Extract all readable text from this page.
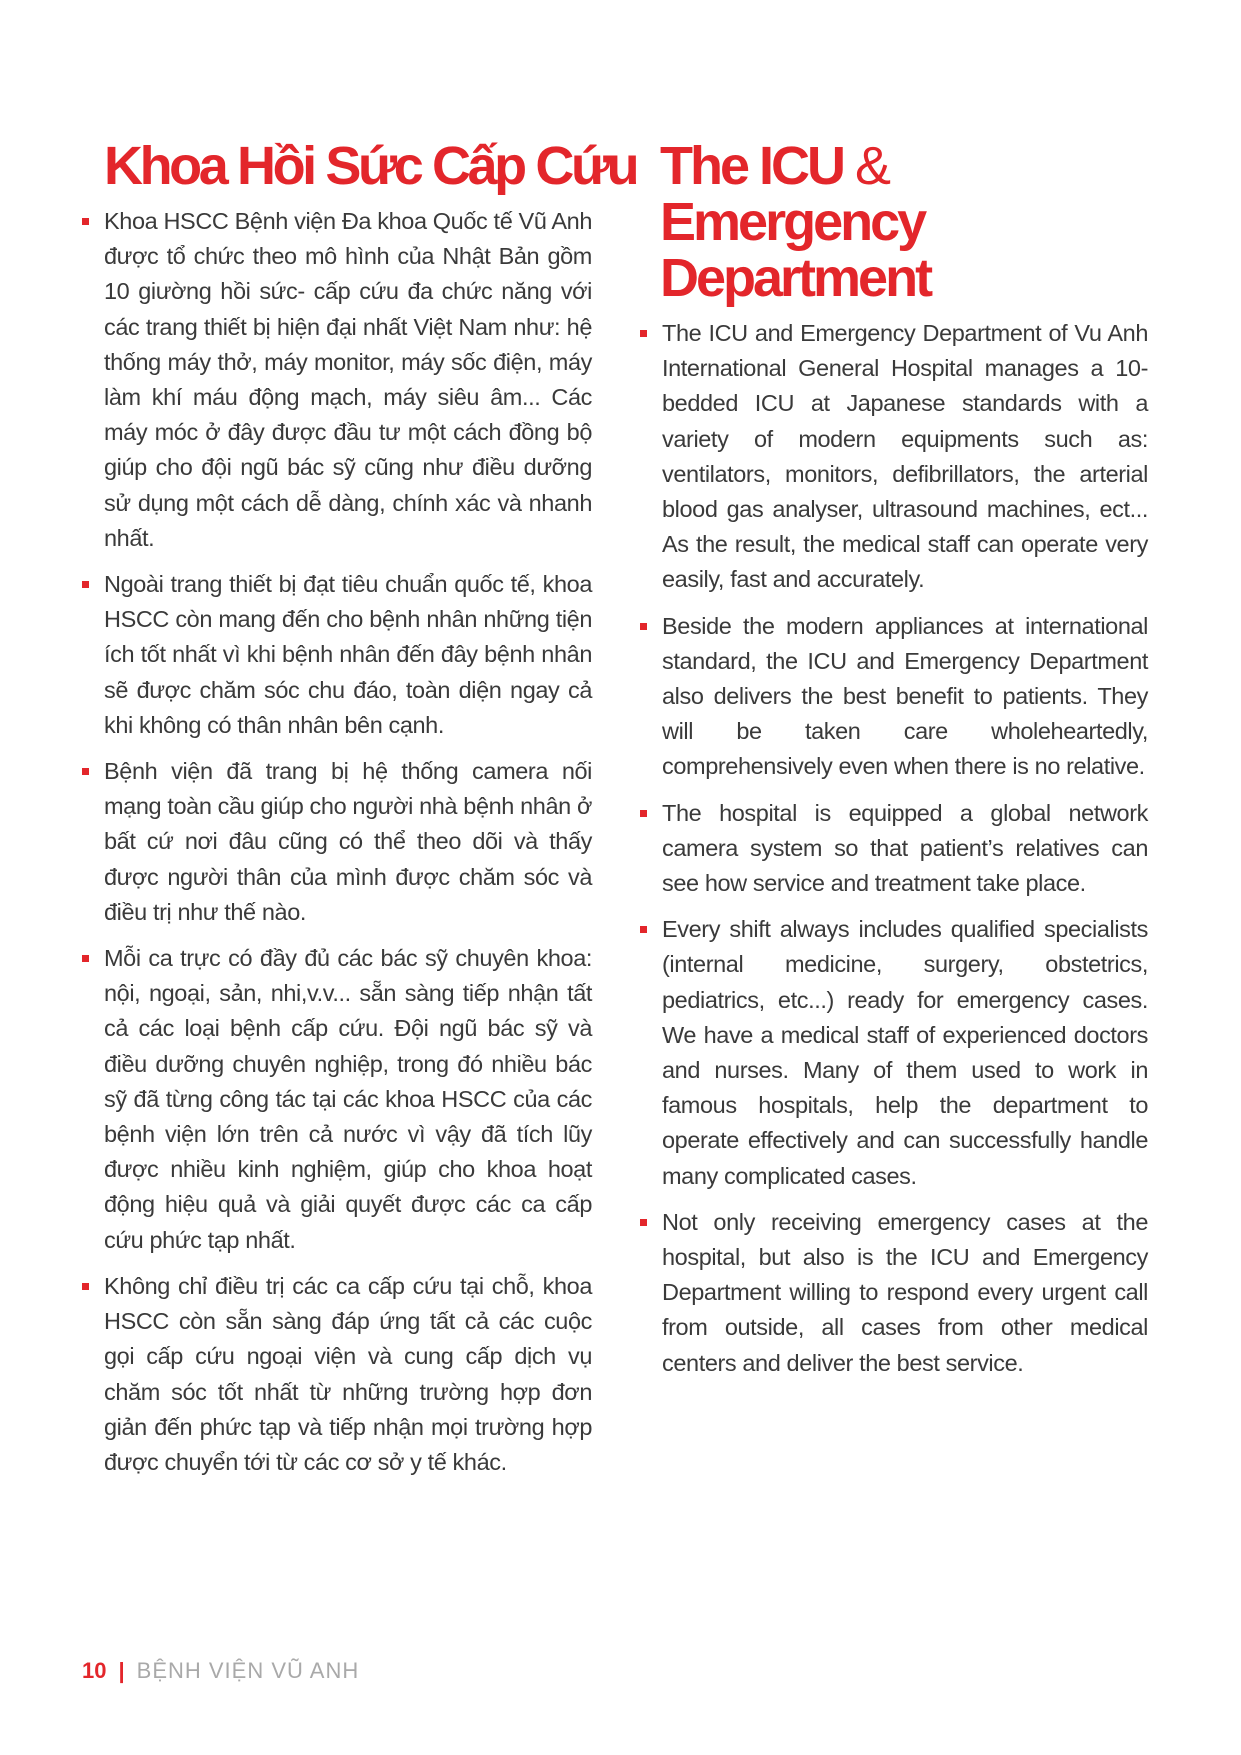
Khoa Hồi Sức Cấp Cứu
Khoa HSCC Bệnh viện Đa khoa Quốc tế Vũ Anh được tổ chức theo mô hình của Nhật Bản gồm 10 giường hồi sức- cấp cứu đa chức năng với các trang thiết bị hiện đại nhất Việt Nam như: hệ thống máy thở, máy monitor, máy sốc điện, máy làm khí máu động mạch, máy siêu âm... Các máy móc ở đây được đầu tư một cách đồng bộ giúp cho đội ngũ bác sỹ cũng như điều dưỡng sử dụng một cách dễ dàng, chính xác và nhanh nhất.
Ngoài trang thiết bị đạt tiêu chuẩn quốc tế, khoa HSCC còn mang đến cho bệnh nhân những tiện ích tốt nhất vì khi bệnh nhân đến đây bệnh nhân sẽ được chăm sóc chu đáo, toàn diện ngay cả khi không có thân nhân bên cạnh.
Bệnh viện đã trang bị hệ thống camera nối mạng toàn cầu giúp cho người nhà bệnh nhân ở bất cứ nơi đâu cũng có thể theo dõi và thấy được người thân của mình được chăm sóc và điều trị như thế nào.
Mỗi ca trực có đầy đủ các bác sỹ chuyên khoa: nội, ngoại, sản, nhi,v.v... sẵn sàng tiếp nhận tất cả các loại bệnh cấp cứu. Đội ngũ bác sỹ và điều dưỡng chuyên nghiệp, trong đó nhiều bác sỹ đã từng công tác tại các khoa HSCC của các bệnh viện lớn trên cả nước vì vậy đã tích lũy được nhiều kinh nghiệm, giúp cho khoa hoạt động hiệu quả và giải quyết được các ca cấp cứu phức tạp nhất.
Không chỉ điều trị các ca cấp cứu tại chỗ, khoa HSCC còn sẵn sàng đáp ứng tất cả các cuộc gọi cấp cứu ngoại viện và cung cấp dịch vụ chăm sóc tốt nhất từ những trường hợp đơn giản đến phức tạp và tiếp nhận mọi trường hợp được chuyển tới từ các cơ sở y tế khác.
The ICU & Emergency Department
The ICU and Emergency Department of Vu Anh International General Hospital manages a 10-bedded ICU at Japanese standards with a variety of modern equipments such as: ventilators, monitors, defibrillators, the arterial blood gas analyser, ultrasound machines, ect... As the result, the medical staff can operate very easily, fast and accurately.
Beside the modern appliances at international standard, the ICU and Emergency Department also delivers the best benefit to patients. They will be taken care wholeheartedly, comprehensively even when there is no relative.
The hospital is equipped a global network camera system so that patient’s relatives can see how service and treatment take place.
Every shift always includes qualified specialists (internal medicine, surgery, obstetrics, pediatrics, etc...) ready for emergency cases. We have a medical staff of experienced doctors and nurses. Many of them used to work in famous hospitals, help the department to operate effectively and can successfully handle many complicated cases.
Not only receiving emergency cases at the hospital, but also is the ICU and Emergency Department willing to respond every urgent call from outside, all cases from other medical centers and deliver the best service.
10 | BỆNH VIỆN VŨ ANH
